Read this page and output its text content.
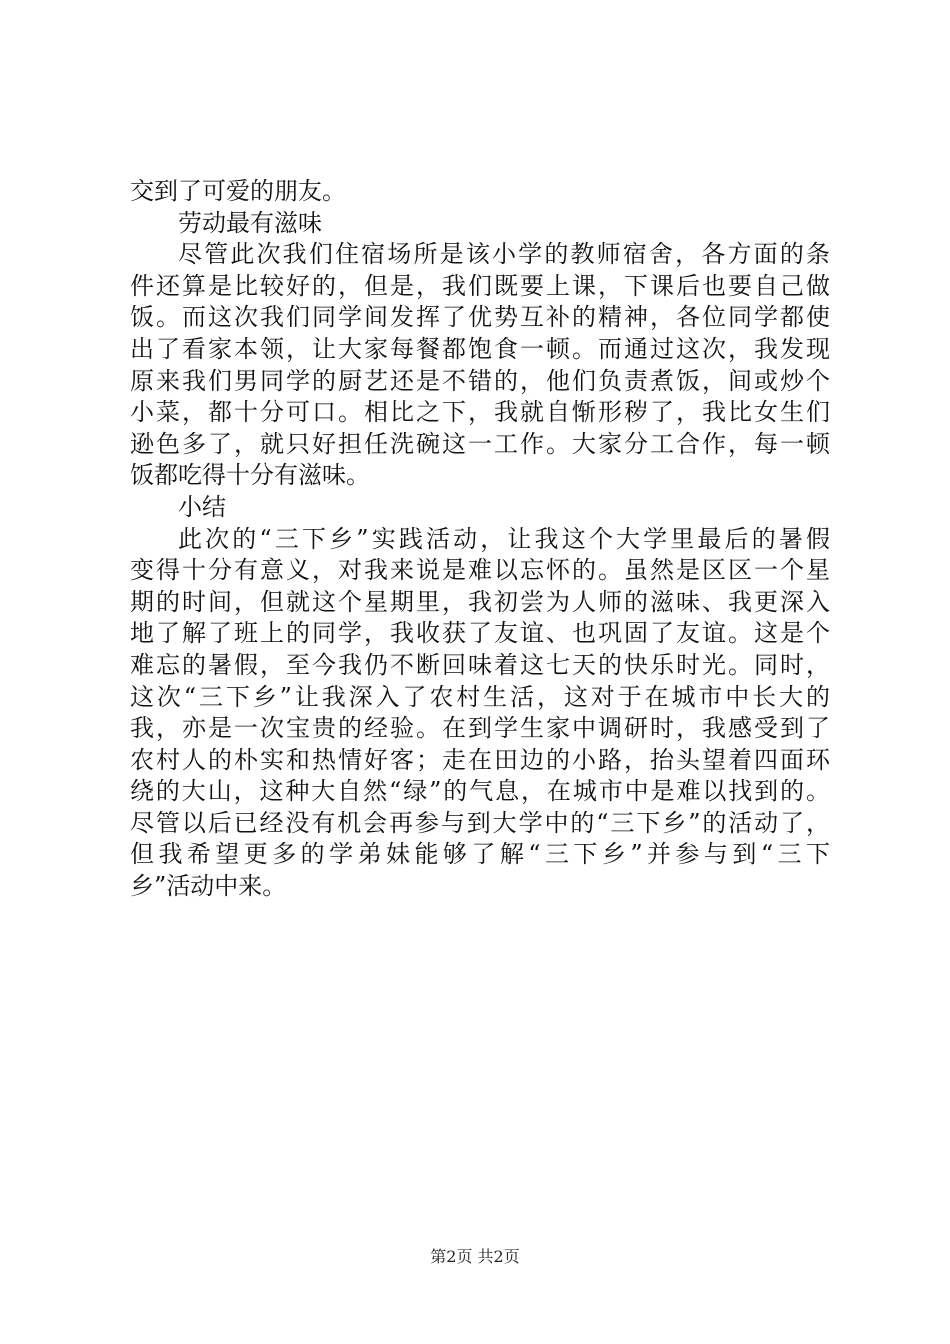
交到了可爱的朋友。
劳动最有滋味
尽管此次我们住宿场所是该小学的教师宿舍，各方面的条
件还算是比较好的，但是，我们既要上课，下课后也要自己做
饭。而这次我们同学间发挥了优势互补的精神，各位同学都使
出了看家本领，让大家每餐都饱食一顿。而通过这次，我发现
原来我们男同学的厨艺还是不错的，他们负责煮饭，间或炒个
小菜，都十分可口。相比之下，我就自惭形秽了，我比女生们
逊色多了，就只好担任洗碗这一工作。大家分工合作，每一顿
饭都吃得十分有滋味。
小结
此次的“三下乡”实践活动，让我这个大学里最后的暑假
变得十分有意义，对我来说是难以忘怀的。虽然是区区一个星
期的时间，但就这个星期里，我初尝为人师的滋味、我更深入
地了解了班上的同学，我收获了友谊、也巩固了友谊。这是个
难忘的暑假，至今我仍不断回味着这七天的快乐时光。同时，
这次“三下乡”让我深入了农村生活，这对于在城市中长大的
我，亦是一次宝贵的经验。在到学生家中调研时，我感受到了
农村人的朴实和热情好客；走在田边的小路，抬头望着四面环
绕的大山，这种大自然“绿”的气息，在城市中是难以找到的。
尽管以后已经没有机会再参与到大学中的“三下乡”的活动了，
但我希望更多的学弟妹能够了解“三下乡”并参与到“三下
乡”活动中来。
第2页 共2页
